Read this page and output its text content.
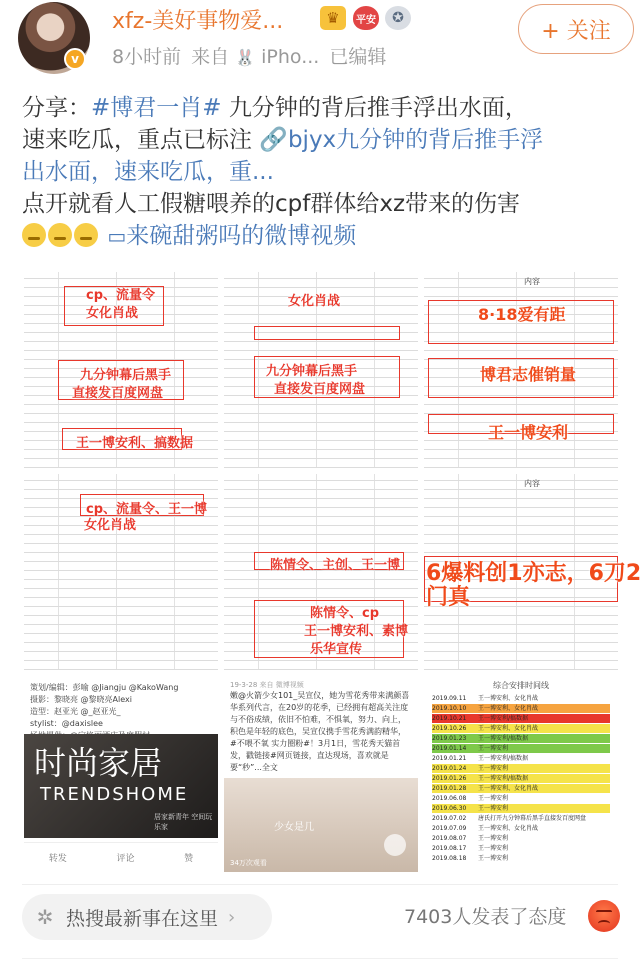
v
xfz-美好事物爱...	♛	平安	✪
8小时前 来自 🐰 iPho... 已编辑
+ 关注
分享：#博君一肖# 九分钟的背后推手浮出水面，
速来吃瓜，重点已标注 🔗bjyx九分钟的背后推手浮
出水面，速来吃瓜，重...
点开就看人工假糖喂养的cpf群体给xz带来的伤害
▭来碗甜粥吗的微博视频
cp、流量令
女化肖战
九分钟幕后黑手
直接发百度网盘
王一博安利、搞数据
女化肖战
九分钟幕后黑手
直接发百度网盘
内容
8·18爱有距
博君志催销量
王一博安利
cp、流量令、王一博
女化肖战
陈情令、主创、王一博
陈情令、cp
王一博安利、素博
乐华宣传
内容
6爆料创1亦志，6刀2
门真
策划/编辑：彭喻 @Jiangju @KakoWang
摄影：黎晓亮 @黎晓亮Alexi
造型：赵亚光 @_赵亚光_
stylist：@daxislee

时尚家居
TRENDSHOME
居家新青年 空间玩乐家
转发	评论	赞
19-3-28 来自 微博视频
嫩@火箭少女101_吴宣仪，她为雪花秀带来满颜喜华系列代言，在20岁的花季，已经拥有超高关注度与不俗成绩，依旧不怕难，不惧氧，努力、向上，积色是年轻的底色，吴宣仪携手雪花秀满韵精华，#不喂不氧 实力圈粉#！3月1日，雪花秀天猫首发，戳链接#网页链接，直达现场，喜欢就是要“秒”...全文
少女是几
34万次观看
综合安排时间线
2019.09.11 王一博安利、女化肖战
2019.10.10 王一博安利、女化肖战
2019.10.21 王一博安利/搞数据
2019.10.26 王一博安利、女化肖战
2019.01.23 王一博安利/搞数据
2019.01.14 王一博安利
2019.01.21 王一博安利/搞数据
2019.01.24 王一博安利
2019.01.26 王一博安利/搞数据
2019.01.28 王一博安利、女化肖战
2019.06.08 王一博安利
2019.06.30 王一博安利
2019.07.02 唐氏打开九分钟幕后黑手直接发百度网盘
2019.07.09 王一博安利、女化肖战
2019.08.07 王一博安利
2019.08.17 王一博安利
2019.08.18 王一博安利
✲ 热搜最新事在这里 ›	7403人发表了态度
